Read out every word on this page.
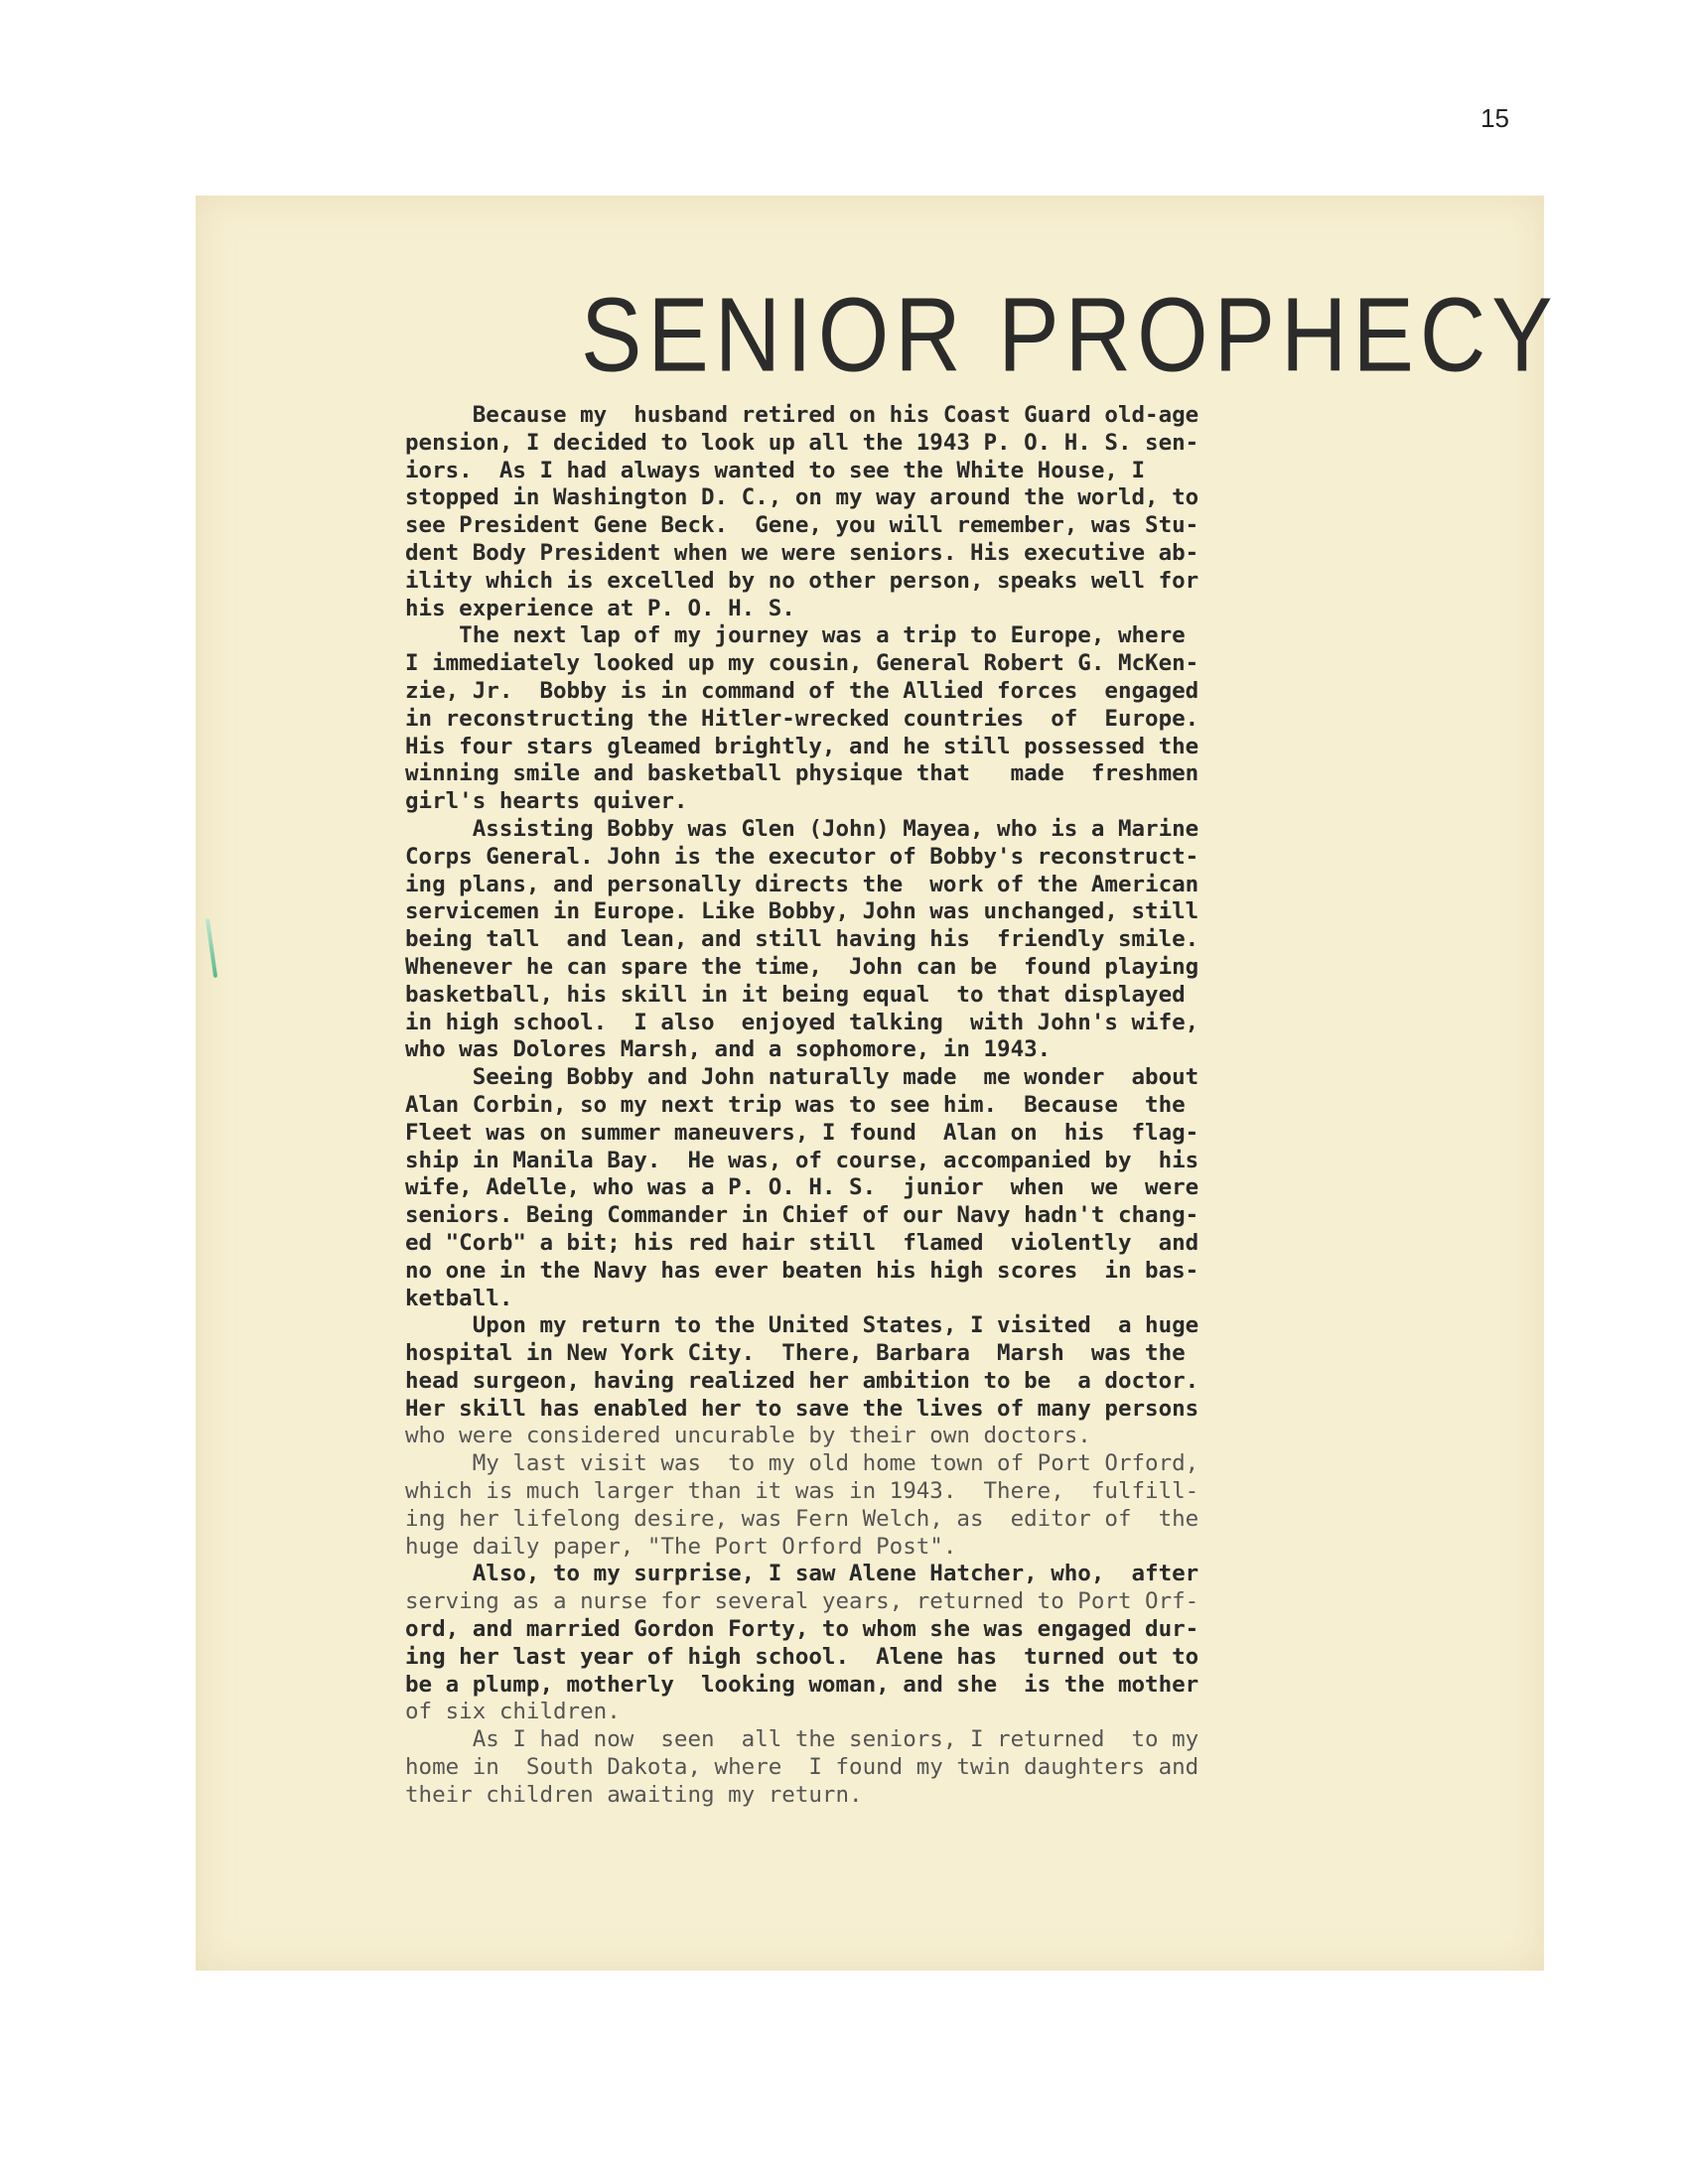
15
SENIOR PROPHECY

Because my  husband retired on his Coast Guard old-age

pension, I decided to look up all the 1943 P. O. H. S. sen-

iors.  As I had always wanted to see the White House, I

stopped in Washington D. C., on my way around the world, to

see President Gene Beck.  Gene, you will remember, was Stu-

dent Body President when we were seniors. His executive ab-

ility which is excelled by no other person, speaks well for

his experience at P. O. H. S.

The next lap of my journey was a trip to Europe, where

I immediately looked up my cousin, General Robert G. McKen-

zie, Jr.  Bobby is in command of the Allied forces  engaged

in reconstructing the Hitler-wrecked countries  of  Europe.

His four stars gleamed brightly, and he still possessed the

winning smile and basketball physique that   made  freshmen

girl's hearts quiver.

Assisting Bobby was Glen (John) Mayea, who is a Marine

Corps General. John is the executor of Bobby's reconstruct-

ing plans, and personally directs the  work of the American

servicemen in Europe. Like Bobby, John was unchanged, still

being tall  and lean, and still having his  friendly smile.

Whenever he can spare the time,  John can be  found playing

basketball, his skill in it being equal  to that displayed

in high school.  I also  enjoyed talking  with John's wife,

who was Dolores Marsh, and a sophomore, in 1943.

Seeing Bobby and John naturally made  me wonder  about

Alan Corbin, so my next trip was to see him.  Because  the

Fleet was on summer maneuvers, I found  Alan on  his  flag-

ship in Manila Bay.  He was, of course, accompanied by  his

wife, Adelle, who was a P. O. H. S.  junior  when  we  were

seniors. Being Commander in Chief of our Navy hadn't chang-

ed "Corb" a bit; his red hair still  flamed  violently  and

no one in the Navy has ever beaten his high scores  in bas-

ketball.

Upon my return to the United States, I visited  a huge

hospital in New York City.  There, Barbara  Marsh  was the

head surgeon, having realized her ambition to be  a doctor.

Her skill has enabled her to save the lives of many persons

who were considered uncurable by their own doctors.

My last visit was  to my old home town of Port Orford,

which is much larger than it was in 1943.  There,  fulfill-

ing her lifelong desire, was Fern Welch, as  editor of  the

huge daily paper, "The Port Orford Post".

Also, to my surprise, I saw Alene Hatcher, who,  after

serving as a nurse for several years, returned to Port Orf-

ord, and married Gordon Forty, to whom she was engaged dur-

ing her last year of high school.  Alene has  turned out to

be a plump, motherly  looking woman, and she  is the mother

of six children.

As I had now  seen  all the seniors, I returned  to my

home in  South Dakota, where  I found my twin daughters and

their children awaiting my return.
